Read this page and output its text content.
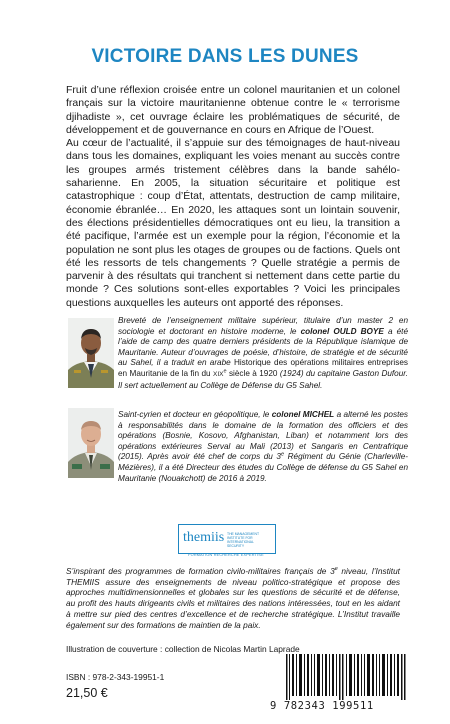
VICTOIRE DANS LES DUNES

Fruit d’une réflexion croisée entre un colonel mauritanien et un colonel français sur la victoire mauritanienne obtenue contre le « terrorisme djihadiste », cet ouvrage éclaire les problématiques de sécurité, de développement et de gouvernance en cours en Afrique de l’Ouest.

Au cœur de l’actualité, il s’appuie sur des témoignages de haut-niveau dans tous les domaines, expliquant les voies menant au succès contre les groupes armés tristement célèbres dans la bande sahélo-saharienne. En 2005, la situation sécuritaire et politique est catastrophique : coup d’État, attentats, destruction de camp militaire, économie ébranlée… En 2020, les attaques sont un lointain souvenir, des élections présidentielles démocratiques ont eu lieu, la transition a été pacifique, l’armée est un exemple pour la région, l’économie et la population ne sont plus les otages de groupes ou de factions. Quels ont été les ressorts de tels changements ? Quelle stratégie a permis de parvenir à des résultats qui tranchent si nettement dans cette partie du monde ? Ces solutions sont-elles exportables ? Voici les principales questions auxquelles les auteurs ont apporté des réponses.

Breveté de l’enseignement militaire supérieur, titulaire d’un master 2 en sociologie et doctorant en histoire moderne, le colonel OULD BOYE a été l’aide de camp des quatre derniers présidents de la République islamique de Mauritanie. Auteur d’ouvrages de poésie, d’histoire, de stratégie et de sécurité au Sahel, il a traduit en arabe Historique des opérations militaires entreprises en Mauritanie de la fin du XIXe siècle à 1920 (1924) du capitaine Gaston Dufour. Il sert actuellement au Collège de Défense du G5 Sahel.
Saint-cyrien et docteur en géopolitique, le colonel MICHEL a alterné les postes à responsabilités dans le domaine de la formation des officiers et des opérations (Bosnie, Kosovo, Afghanistan, Liban) et notamment lors des opérations extérieures Serval au Mali (2013) et Sangaris en Centrafrique (2015). Après avoir été chef de corps du 3e Régiment du Génie (Charleville-Mézières), il a été Directeur des études du Collège de défense du G5 Sahel en Mauritanie (Nouakchott) de 2016 à 2019.
themiis THE MANAGEMENT INSTITUTE FOR INTERNATIONAL SECURITY
FORMATION RECHERCHE EXPERTISE
S’inspirant des programmes de formation civilo-militaires français de 3e niveau, l’Institut THEMIIS assure des enseignements de niveau politico-stratégique et propose des approches multidimensionnelles et globales sur les questions de sécurité et de défense, au profit des hauts dirigeants civils et militaires des nations intéressées, tout en les aidant à mettre sur pied des centres d’excellence et de recherche stratégique. L’Institut travaille également sur des formations de maintien de la paix.
Illustration de couverture : collection de Nicolas Martin Laprade
ISBN : 978-2-343-19951-1
21,50 €
9 782343 199511
